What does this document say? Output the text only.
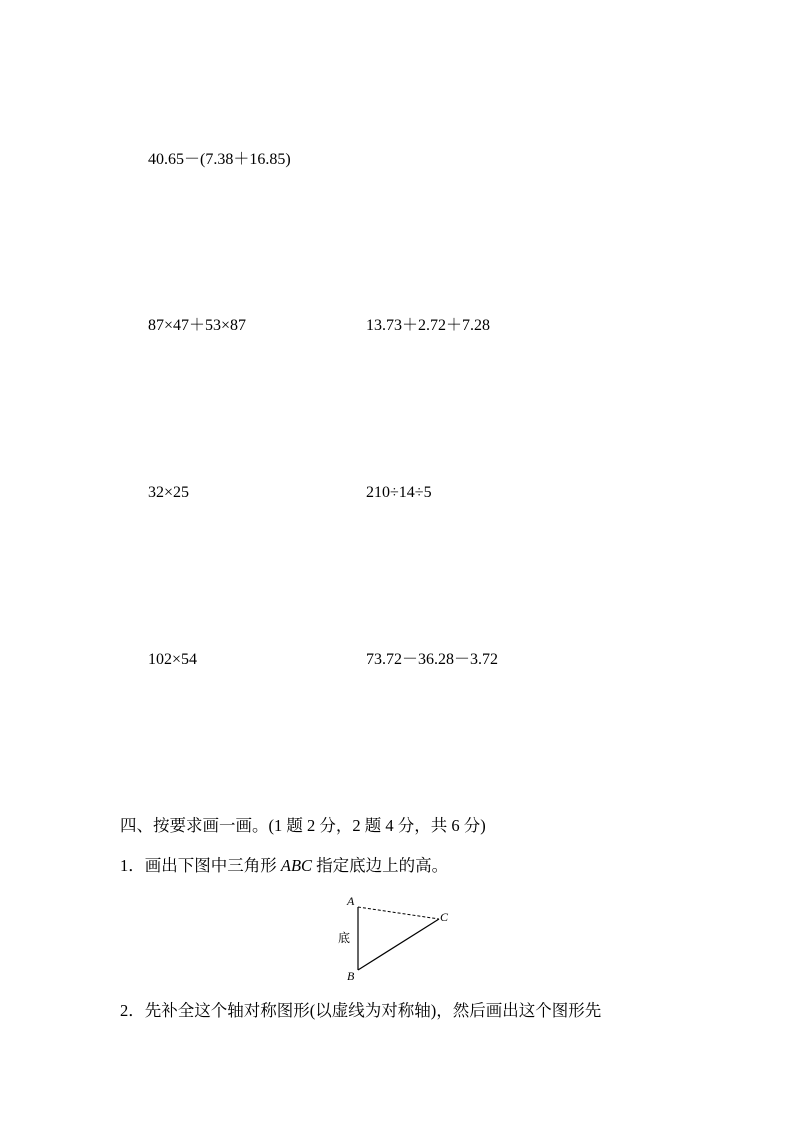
40.65－(7.38＋16.85)
87×47＋53×87	13.73＋2.72＋7.28
32×25	210÷14÷5
102×54	73.72－36.28－3.72
四、按要求画一画。(1 题 2 分，2 题 4 分，共 6 分)
1．画出下图中三角形 ABC 指定底边上的高。
A
B
C
底
2．先补全这个轴对称图形(以虚线为对称轴)，然后画出这个图形先
